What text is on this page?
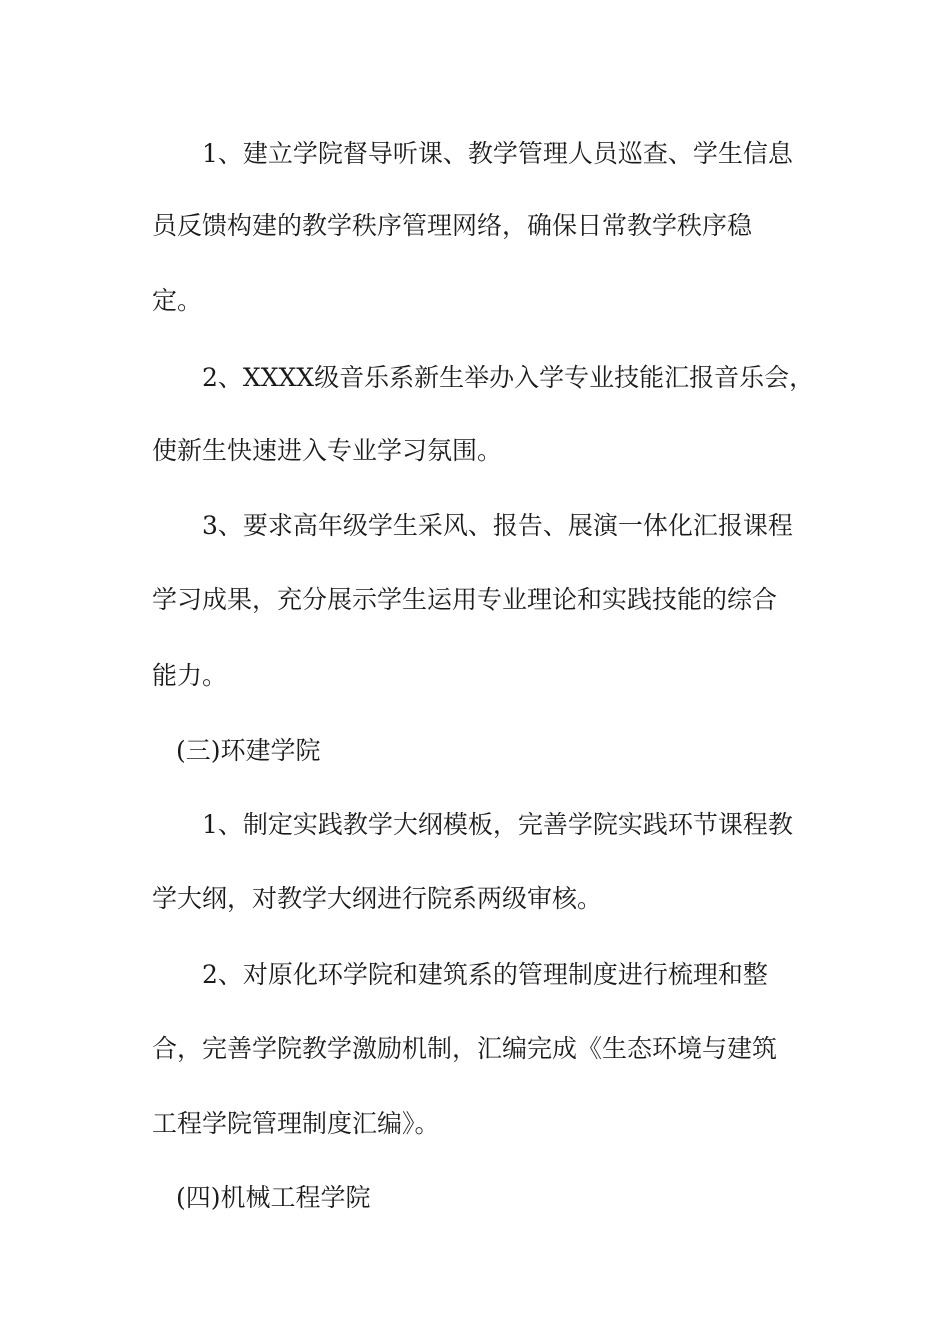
1、建立学院督导听课、教学管理人员巡查、学生信息
员反馈构建的教学秩序管理网络，确保日常教学秩序稳
定。
2、XXXX级音乐系新生举办入学专业技能汇报音乐会，
使新生快速进入专业学习氛围。
3、要求高年级学生采风、报告、展演一体化汇报课程
学习成果，充分展示学生运用专业理论和实践技能的综合
能力。
(三)环建学院
1、制定实践教学大纲模板，完善学院实践环节课程教
学大纲，对教学大纲进行院系两级审核。
2、对原化环学院和建筑系的管理制度进行梳理和整
合，完善学院教学激励机制，汇编完成《生态环境与建筑
工程学院管理制度汇编》。
(四)机械工程学院
